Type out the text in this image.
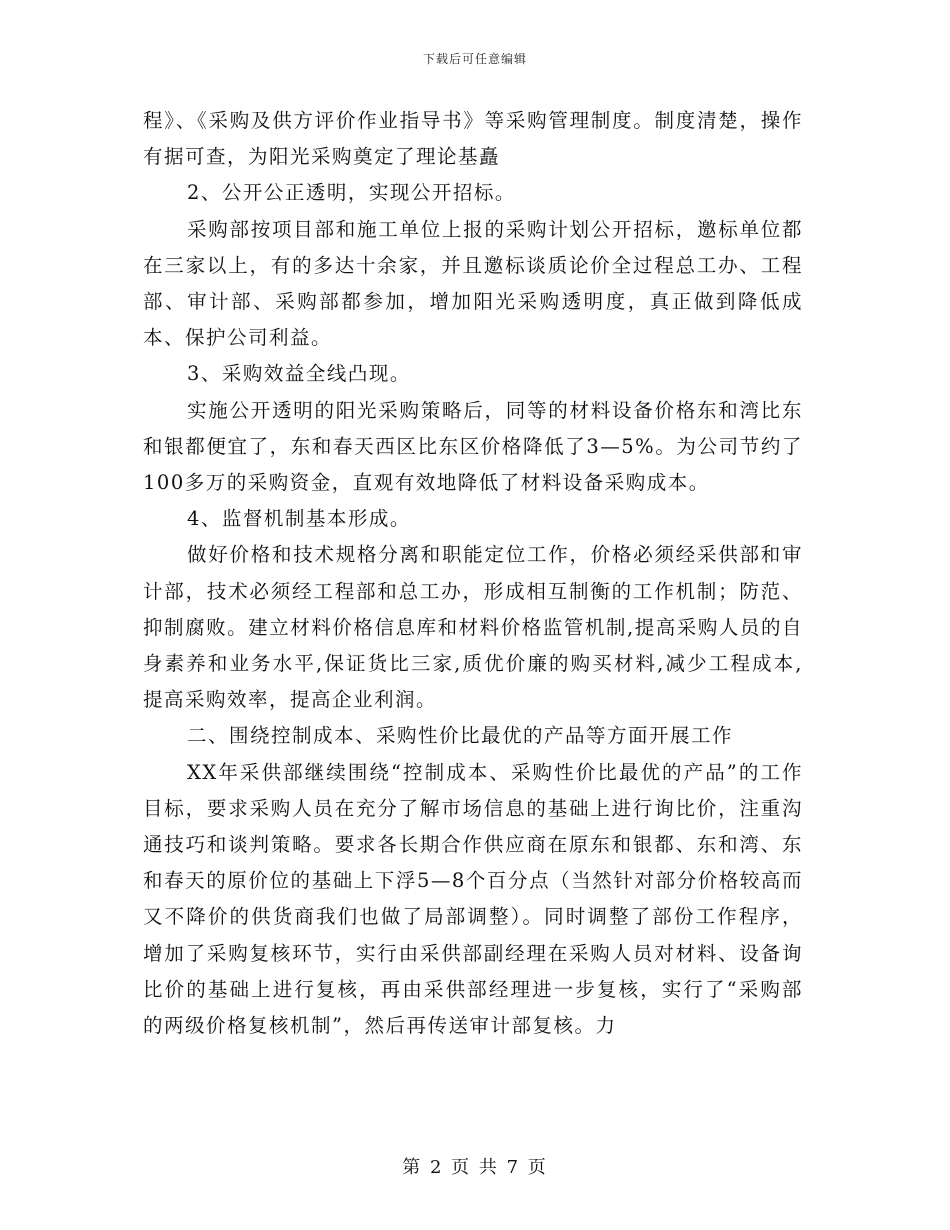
下载后可任意编辑

程》、《采购及供方评价作业指导书》等采购管理制度。制度清楚，操作有据可查，为阳光采购奠定了理论基矗

2、公开公正透明，实现公开招标。

采购部按项目部和施工单位上报的采购计划公开招标，邀标单位都在三家以上，有的多达十余家，并且邀标谈质论价全过程总工办、工程部、审计部、采购部都参加，增加阳光采购透明度，真正做到降低成本、保护公司利益。

3、采购效益全线凸现。

实施公开透明的阳光采购策略后，同等的材料设备价格东和湾比东和银都便宜了，东和春天西区比东区价格降低了3—5%。为公司节约了100多万的采购资金，直观有效地降低了材料设备采购成本。

4、监督机制基本形成。

做好价格和技术规格分离和职能定位工作，价格必须经采供部和审计部，技术必须经工程部和总工办，形成相互制衡的工作机制；防范、抑制腐败。建立材料价格信息库和材料价格监管机制,提高采购人员的自身素养和业务水平,保证货比三家,质优价廉的购买材料,减少工程成本,提高采购效率，提高企业利润。

二、围绕控制成本、采购性价比最优的产品等方面开展工作

XX年采供部继续围绕“控制成本、采购性价比最优的产品”的工作目标，要求采购人员在充分了解市场信息的基础上进行询比价，注重沟通技巧和谈判策略。要求各长期合作供应商在原东和银都、东和湾、东和春天的原价位的基础上下浮5—8个百分点（当然针对部分价格较高而又不降价的供货商我们也做了局部调整）。同时调整了部份工作程序，增加了采购复核环节，实行由采供部副经理在采购人员对材料、设备询比价的基础上进行复核，再由采供部经理进一步复核，实行了“采购部的两级价格复核机制”，然后再传送审计部复核。力

第 2 页 共 7 页
